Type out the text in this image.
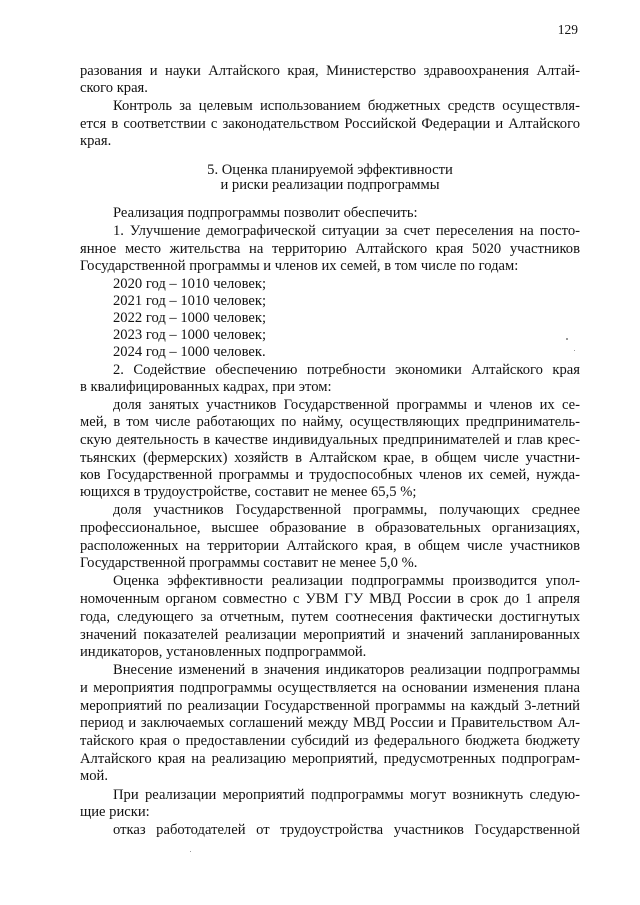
129
разования и науки Алтайского края, Министерство здравоохранения Алтай-
ского края.
Контроль за целевым использованием бюджетных средств осуществля-
ется в соответствии с законодательством Российской Федерации и Алтайского
края.
5. Оценка планируемой эффективности
и риски реализации подпрограммы
Реализация подпрограммы позволит обеспечить:
1. Улучшение демографической ситуации за счет переселения на посто-
янное место жительства на территорию Алтайского края 5020 участников
Государственной программы и членов их семей, в том числе по годам:
2020 год – 1010 человек;
2021 год – 1010 человек;
2022 год – 1000 человек;
2023 год – 1000 человек;
2024 год – 1000 человек.
2. Содействие обеспечению потребности экономики Алтайского края
в квалифицированных кадрах, при этом:
доля занятых участников Государственной программы и членов их се-
мей, в том числе работающих по найму, осуществляющих предприниматель-
скую деятельность в качестве индивидуальных предпринимателей и глав крес-
тьянских (фермерских) хозяйств в Алтайском крае, в общем числе участни-
ков Государственной программы и трудоспособных членов их семей, нужда-
ющихся в трудоустройстве, составит не менее 65,5 %;
доля участников Государственной программы, получающих среднее
профессиональное, высшее образование в образовательных организациях,
расположенных на территории Алтайского края, в общем числе участников
Государственной программы составит не менее 5,0 %.
Оценка эффективности реализации подпрограммы производится упол-
номоченным органом совместно с УВМ ГУ МВД России в срок до 1 апреля
года, следующего за отчетным, путем соотнесения фактически достигнутых
значений показателей реализации мероприятий и значений запланированных
индикаторов, установленных подпрограммой.
Внесение изменений в значения индикаторов реализации подпрограммы
и мероприятия подпрограммы осуществляется на основании изменения плана
мероприятий по реализации Государственной программы на каждый 3-летний
период и заключаемых соглашений между МВД России и Правительством Ал-
тайского края о предоставлении субсидий из федерального бюджета бюджету
Алтайского края на реализацию мероприятий, предусмотренных подпрограм-
мой.
При реализации мероприятий подпрограммы могут возникнуть следую-
щие риски:
отказ работодателей от трудоустройства участников Государственной
